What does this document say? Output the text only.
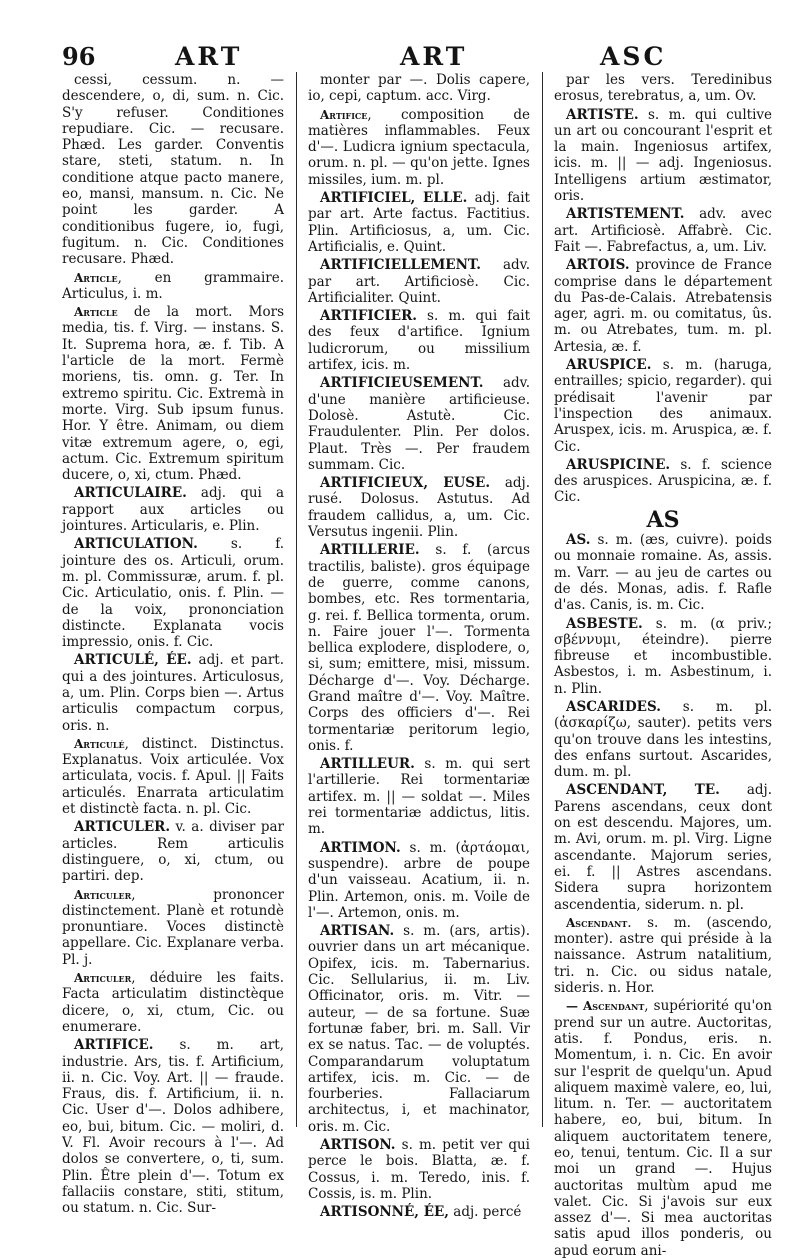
96	ART	ART	ASC
cessi, cessum. n. — descendere, o, di, sum. n. Cic. S'y refuser. Conditiones repudiare. Cic. — recusare. Phæd. Les garder. Conventis stare, steti, statum. n. In conditione atque pacto manere, eo, mansi, mansum. n. Cic. Ne point les garder. A conditionibus fugere, io, fugi, fugitum. n. Cic. Conditiones recusare. Phæd.
Article, en grammaire. Articulus, i. m.
Article de la mort. Mors media, tis. f. Virg. — instans. S. It. Suprema hora, æ. f. Tib. A l'article de la mort. Fermè moriens, tis. omn. g. Ter. In extremo spiritu. Cic. Extremà in morte. Virg. Sub ipsum funus. Hor. Y être. Animam, ou diem vitæ extremum agere, o, egi, actum. Cic. Extremum spiritum ducere, o, xi, ctum. Phæd.
ARTICULAIRE. adj. qui a rapport aux articles ou jointures. Articularis, e. Plin.
ARTICULATION. s. f. jointure des os. Articuli, orum. m. pl. Commissuræ, arum. f. pl. Cic. Articulatio, onis. f. Plin. — de la voix, prononciation distincte. Explanata vocis impressio, onis. f. Cic.
ARTICULÉ, ÉE. adj. et part. qui a des jointures. Articulosus, a, um. Plin. Corps bien —. Artus articulis compactum corpus, oris. n.
Articulé, distinct. Distinctus. Explanatus. Voix articulée. Vox articulata, vocis. f. Apul. || Faits articulés. Enarrata articulatim et distinctè facta. n. pl. Cic.
ARTICULER. v. a. diviser par articles. Rem articulis distinguere, o, xi, ctum, ou partiri. dep.
Articuler, prononcer distinctement. Planè et rotundè pronuntiare. Voces distinctè appellare. Cic. Explanare verba. Pl. j.
Articuler, déduire les faits. Facta articulatim distinctèque dicere, o, xi, ctum, Cic. ou enumerare.
ARTIFICE. s. m. art, industrie. Ars, tis. f. Artificium, ii. n. Cic. Voy. Art. || — fraude. Fraus, dis. f. Artificium, ii. n. Cic. User d'—. Dolos adhibere, eo, bui, bitum. Cic. — moliri, d. V. Fl. Avoir recours à l'—. Ad dolos se convertere, o, ti, sum. Plin. Être plein d'—. Totum ex fallaciis constare, stiti, stitum, ou statum. n. Cic. Sur-
monter par —. Dolis capere, io, cepi, captum. acc. Virg.
Artifice, composition de matières inflammables. Feux d'—. Ludicra ignium spectacula, orum. n. pl. — qu'on jette. Ignes missiles, ium. m. pl.
ARTIFICIEL, ELLE. adj. fait par art. Arte factus. Factitius. Plin. Artificiosus, a, um. Cic. Artificialis, e. Quint.
ARTIFICIELLEMENT. adv. par art. Artificiosè. Cic. Artificialiter. Quint.
ARTIFICIER. s. m. qui fait des feux d'artifice. Ignium ludicrorum, ou missilium artifex, icis. m.
ARTIFICIEUSEMENT. adv. d'une manière artificieuse. Dolosè. Astutè. Cic. Fraudulenter. Plin. Per dolos. Plaut. Très —. Per fraudem summam. Cic.
ARTIFICIEUX, EUSE. adj. rusé. Dolosus. Astutus. Ad fraudem callidus, a, um. Cic. Versutus ingenii. Plin.
ARTILLERIE. s. f. (arcus tractilis, baliste). gros équipage de guerre, comme canons, bombes, etc. Res tormentaria, g. rei. f. Bellica tormenta, orum. n. Faire jouer l'—. Tormenta bellica explodere, displodere, o, si, sum; emittere, misi, missum. Décharge d'—. Voy. Décharge. Grand maître d'—. Voy. Maître. Corps des officiers d'—. Rei tormentariæ peritorum legio, onis. f.
ARTILLEUR. s. m. qui sert l'artillerie. Rei tormentariæ artifex. m. || — soldat —. Miles rei tormentariæ addictus, litis. m.
ARTIMON. s. m. (ἀρτάομαι, suspendre). arbre de poupe d'un vaisseau. Acatium, ii. n. Plin. Artemon, onis. m. Voile de l'—. Artemon, onis. m.
ARTISAN. s. m. (ars, artis). ouvrier dans un art mécanique. Opifex, icis. m. Tabernarius. Cic. Sellularius, ii. m. Liv. Officinator, oris. m. Vitr. — auteur, — de sa fortune. Suæ fortunæ faber, bri. m. Sall. Vir ex se natus. Tac. — de voluptés. Comparandarum voluptatum artifex, icis. m. Cic. — de fourberies. Fallaciarum architectus, i, et machinator, oris. m. Cic.
ARTISON. s. m. petit ver qui perce le bois. Blatta, æ. f. Cossus, i. m. Teredo, inis. f. Cossis, is. m. Plin.
ARTISONNÉ, ÉE, adj. percé
par les vers. Teredinibus erosus, terebratus, a, um. Ov.
ARTISTE. s. m. qui cultive un art ou concourant l'esprit et la main. Ingeniosus artifex, icis. m. || — adj. Ingeniosus. Intelligens artium æstimator, oris.
ARTISTEMENT. adv. avec art. Artificiosè. Affabrè. Cic. Fait —. Fabrefactus, a, um. Liv.
ARTOIS. province de France comprise dans le département du Pas-de-Calais. Atrebatensis ager, agri. m. ou comitatus, ûs. m. ou Atrebates, tum. m. pl. Artesia, æ. f.
ARUSPICE. s. m. (haruga, entrailles; spicio, regarder). qui prédisait l'avenir par l'inspection des animaux. Aruspex, icis. m. Aruspica, æ. f. Cic.
ARUSPICINE. s. f. science des aruspices. Aruspicina, æ. f. Cic.
AS
AS. s. m. (æs, cuivre). poids ou monnaie romaine. As, assis. m. Varr. — au jeu de cartes ou de dés. Monas, adis. f. Rafle d'as. Canis, is. m. Cic.
ASBESTE. s. m. (α priv.; σβέννυμι, éteindre). pierre fibreuse et incombustible. Asbestos, i. m. Asbestinum, i. n. Plin.
ASCARIDES. s. m. pl. (ἀσκαρίζω, sauter). petits vers qu'on trouve dans les intestins, des enfans surtout. Ascarides, dum. m. pl.
ASCENDANT, TE. adj. Parens ascendans, ceux dont on est descendu. Majores, um. m. Avi, orum. m. pl. Virg. Ligne ascendante. Majorum series, ei. f. || Astres ascendans. Sidera supra horizontem ascendentia, siderum. n. pl.
Ascendant. s. m. (ascendo, monter). astre qui préside à la naissance. Astrum natalitium, tri. n. Cic. ou sidus natale, sideris. n. Hor.
— Ascendant, supériorité qu'on prend sur un autre. Auctoritas, atis. f. Pondus, eris. n. Momentum, i. n. Cic. En avoir sur l'esprit de quelqu'un. Apud aliquem maximè valere, eo, lui, litum. n. Ter. — auctoritatem habere, eo, bui, bitum. In aliquem auctoritatem tenere, eo, tenui, tentum. Cic. Il a sur moi un grand —. Hujus auctoritas multùm apud me valet. Cic. Si j'avois sur eux assez d'—. Si mea auctoritas satis apud illos ponderis, ou apud eorum ani-
